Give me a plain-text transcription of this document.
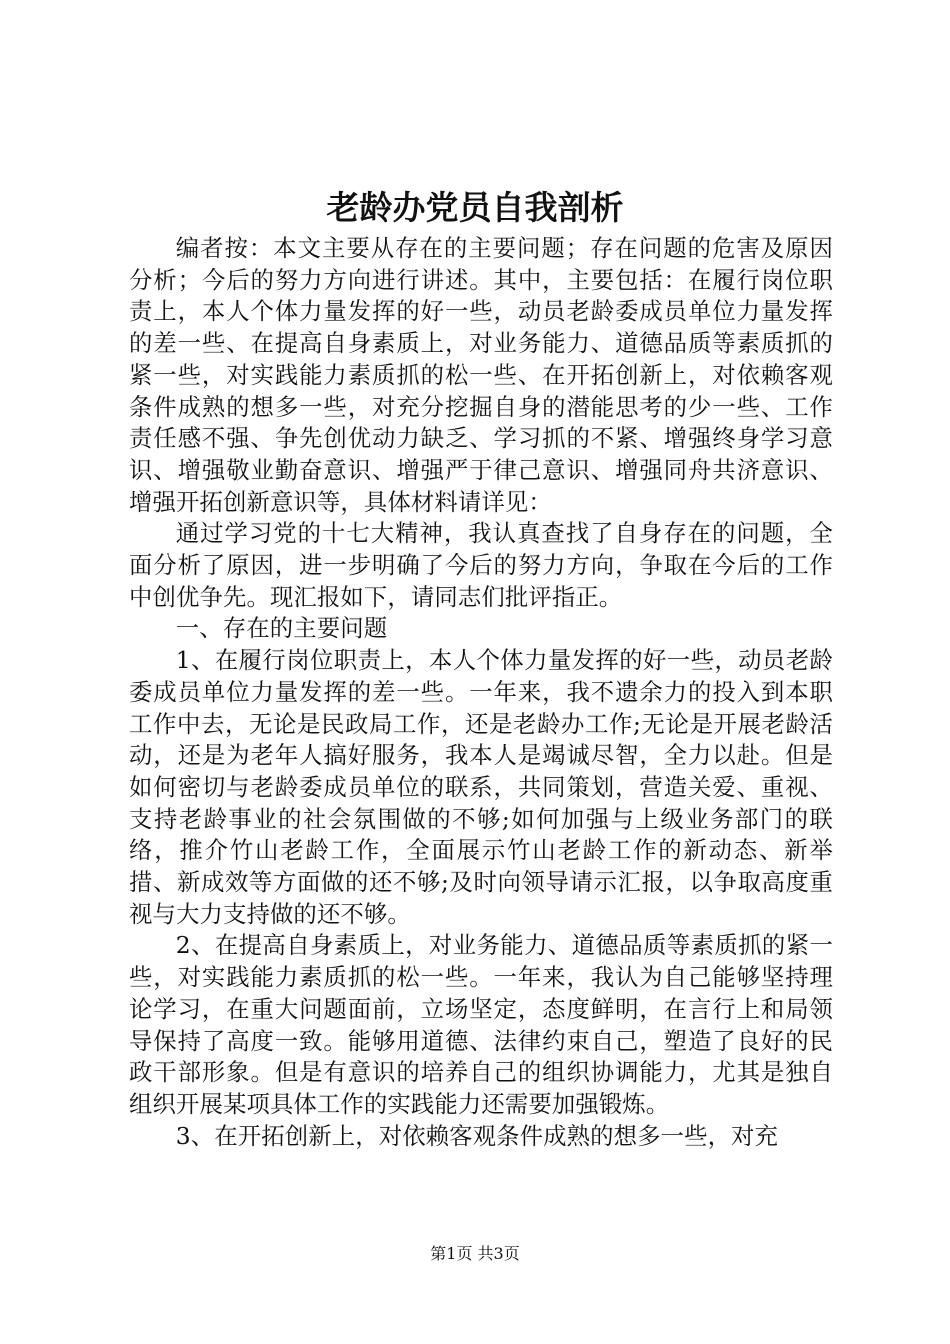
老龄办党员自我剖析

编者按：本文主要从存在的主要问题；存在问题的危害及原因分析；今后的努力方向进行讲述。其中，主要包括：在履行岗位职责上，本人个体力量发挥的好一些，动员老龄委成员单位力量发挥的差一些、在提高自身素质上，对业务能力、道德品质等素质抓的紧一些，对实践能力素质抓的松一些、在开拓创新上，对依赖客观条件成熟的想多一些，对充分挖掘自身的潜能思考的少一些、工作责任感不强、争先创优动力缺乏、学习抓的不紧、增强终身学习意识、增强敬业勤奋意识、增强严于律己意识、增强同舟共济意识、增强开拓创新意识等，具体材料请详见：

通过学习党的十七大精神，我认真查找了自身存在的问题，全面分析了原因，进一步明确了今后的努力方向，争取在今后的工作中创优争先。现汇报如下，请同志们批评指正。

一、存在的主要问题

1、在履行岗位职责上，本人个体力量发挥的好一些，动员老龄委成员单位力量发挥的差一些。一年来，我不遗余力的投入到本职工作中去，无论是民政局工作，还是老龄办工作;无论是开展老龄活动，还是为老年人搞好服务，我本人是竭诚尽智，全力以赴。但是如何密切与老龄委成员单位的联系，共同策划，营造关爱、重视、支持老龄事业的社会氛围做的不够;如何加强与上级业务部门的联络，推介竹山老龄工作，全面展示竹山老龄工作的新动态、新举措、新成效等方面做的还不够;及时向领导请示汇报，以争取高度重视与大力支持做的还不够。

2、在提高自身素质上，对业务能力、道德品质等素质抓的紧一些，对实践能力素质抓的松一些。一年来，我认为自己能够坚持理论学习，在重大问题面前，立场坚定，态度鲜明，在言行上和局领导保持了高度一致。能够用道德、法律约束自己，塑造了良好的民政干部形象。但是有意识的培养自己的组织协调能力，尤其是独自组织开展某项具体工作的实践能力还需要加强锻炼。

3、在开拓创新上，对依赖客观条件成熟的想多一些，对充

第1页 共3页
